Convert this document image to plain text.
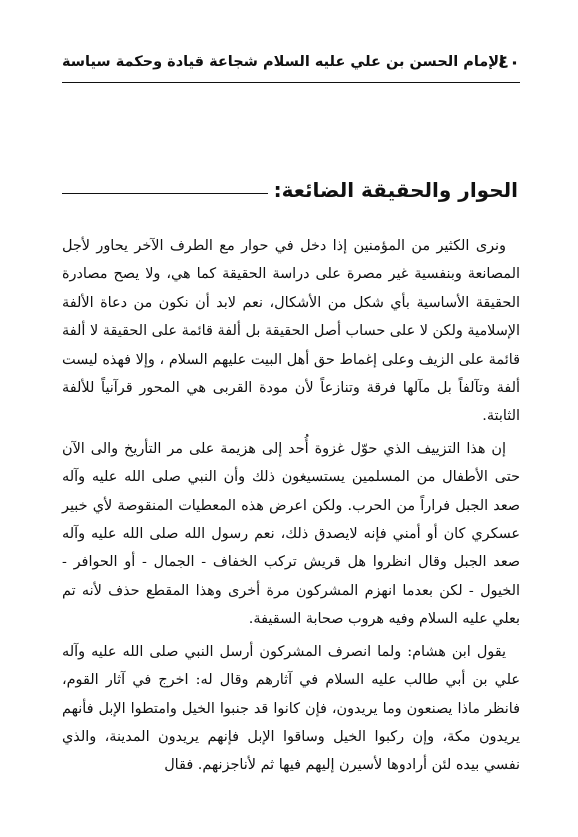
٤٠
الإمام الحسن بن علي عليه السلام شجاعة قيادة وحكمة سياسة
الحوار والحقيقة الضائعة:

ونرى الكثير من المؤمنين إذا دخل في حوار مع الطرف الآخر يحاور لأجل المصانعة وبنفسية غير مصرة على دراسة الحقيقة كما هي، ولا يصح مصادرة الحقيقة الأساسية بأي شكل من الأشكال، نعم لابد أن نكون من دعاة الألفة الإسلامية ولكن لا على حساب أصل الحقيقة بل ألفة قائمة على الحقيقة لا ألفة قائمة على الزيف وعلى إغماط حق أهل البيت عليهم السلام ، وإلا فهذه ليست ألفة وتآلفاً بل مآلها فرقة وتنازعاً لأن مودة القربى هي المحور قرآنياً للألفة الثابتة.

إن هذا التزييف الذي حوّل غزوة أُحد إلى هزيمة على مر التأريخ والى الآن حتى الأطفال من المسلمين يستسيغون ذلك وأن النبي صلى الله عليه وآله صعد الجبل فراراً من الحرب. ولكن اعرض هذه المعطيات المنقوصة لأي خبير عسكري كان أو أمني فإنه لايصدق ذلك، نعم رسول الله صلى الله عليه وآله صعد الجبل وقال انظروا هل قريش تركب الخفاف - الجمال - أو الحوافر - الخيول - لكن بعدما انهزم المشركون مرة أخرى وهذا المقطع حذف لأنه تم بعلي عليه السلام وفيه هروب صحابة السقيفة.

يقول ابن هشام: ولما انصرف المشركون أرسل النبي صلى الله عليه وآله علي بن أبي طالب عليه السلام في آثارهم وقال له: اخرج في آثار القوم، فانظر ماذا يصنعون وما يريدون، فإن كانوا قد جنبوا الخيل وامتطوا الإبل فأنهم يريدون مكة، وإن ركبوا الخيل وساقوا الإبل فإنهم يريدون المدينة، والذي نفسي بيده لئن أرادوها لأسيرن إليهم فيها ثم لأناجزنهم. فقال
